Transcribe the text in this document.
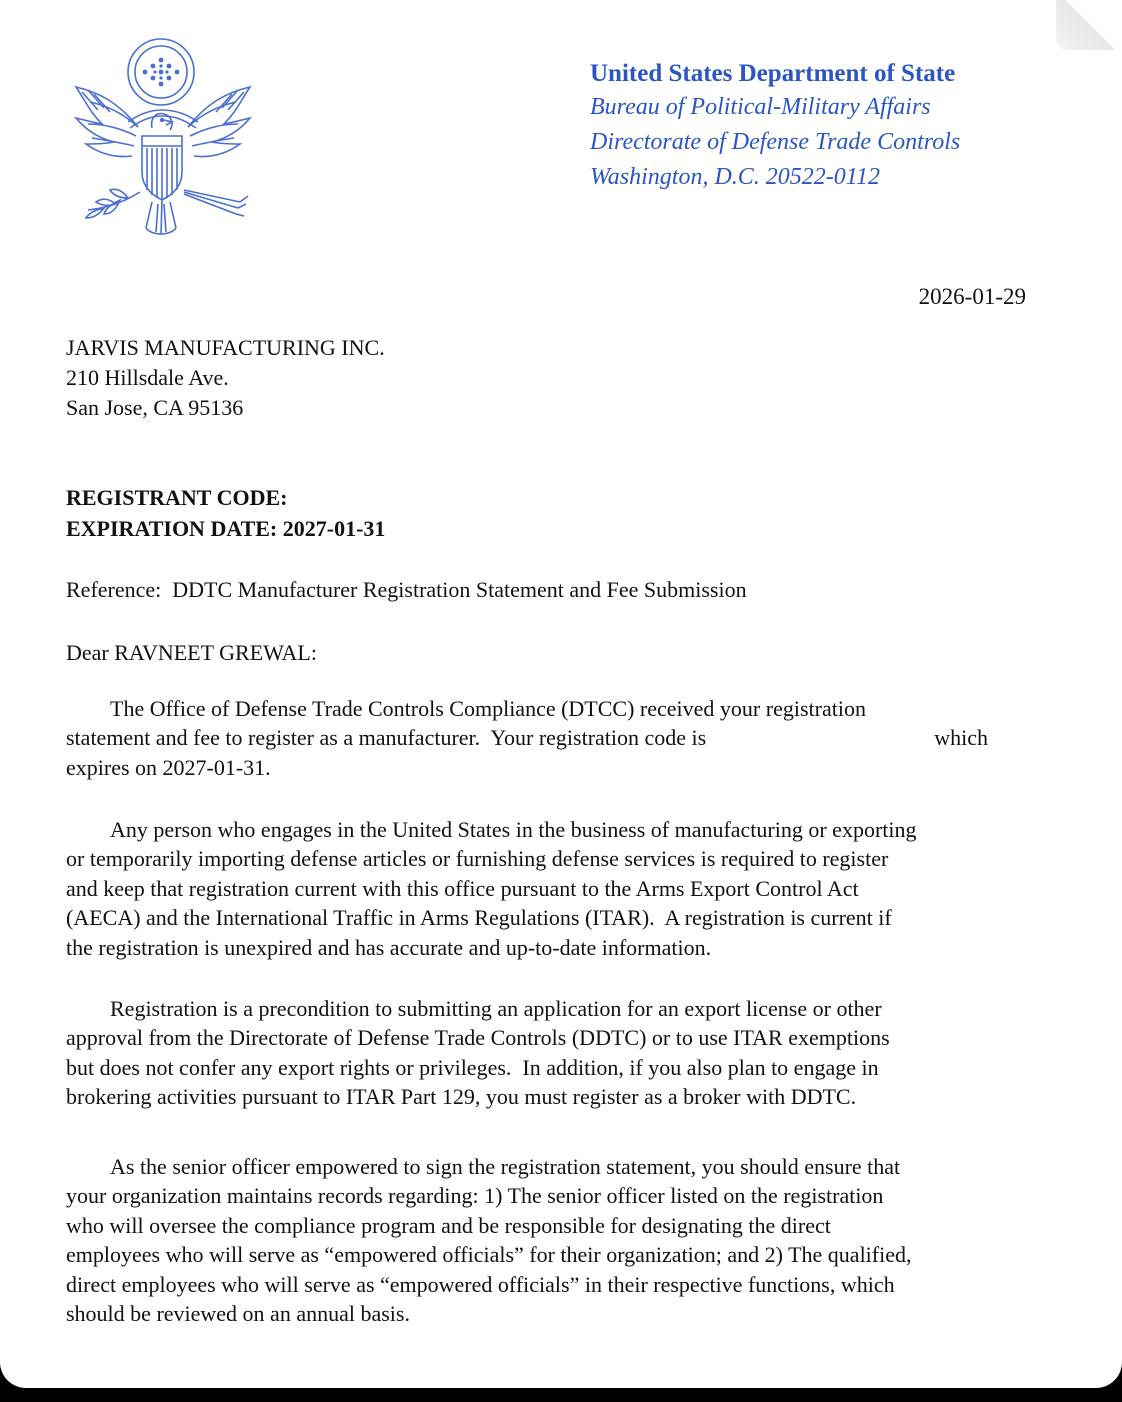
United States Department of State
Bureau of Political-Military Affairs
Directorate of Defense Trade Controls
Washington, D.C. 20522-0112
2026-01-29
JARVIS MANUFACTURING INC.
210 Hillsdale Ave.
San Jose, CA 95136
REGISTRANT CODE:
EXPIRATION DATE: 2027-01-31
Reference:  DDTC Manufacturer Registration Statement and Fee Submission
Dear RAVNEET GREWAL:
The Office of Defense Trade Controls Compliance (DTCC) received your registration
statement and fee to register as a manufacturer.  Your registration code is	which
expires on 2027-01-31.
Any person who engages in the United States in the business of manufacturing or exporting
or temporarily importing defense articles or furnishing defense services is required to register
and keep that registration current with this office pursuant to the Arms Export Control Act
(AECA) and the International Traffic in Arms Regulations (ITAR).  A registration is current if
the registration is unexpired and has accurate and up-to-date information.
Registration is a precondition to submitting an application for an export license or other
approval from the Directorate of Defense Trade Controls (DDTC) or to use ITAR exemptions
but does not confer any export rights or privileges.  In addition, if you also plan to engage in
brokering activities pursuant to ITAR Part 129, you must register as a broker with DDTC.
As the senior officer empowered to sign the registration statement, you should ensure that
your organization maintains records regarding: 1) The senior officer listed on the registration
who will oversee the compliance program and be responsible for designating the direct
employees who will serve as “empowered officials” for their organization; and 2) The qualified,
direct employees who will serve as “empowered officials” in their respective functions, which
should be reviewed on an annual basis.
